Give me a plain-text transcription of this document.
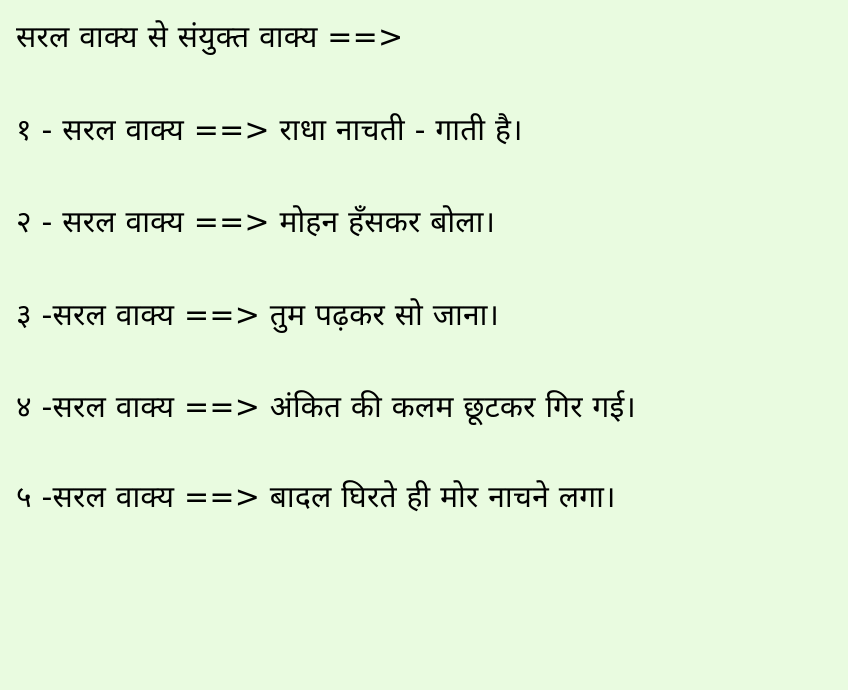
सरल वाक्य से संयुक्त वाक्य ==>
१ - सरल वाक्य ==> राधा नाचती - गाती है।
२ - सरल वाक्य ==> मोहन हँसकर बोला।
३ -सरल वाक्य ==> तुम पढ़कर सो जाना।
४ -सरल वाक्य ==> अंकित की कलम छूटकर गिर गई।
५ -सरल वाक्य ==> बादल घिरते ही मोर नाचने लगा।
